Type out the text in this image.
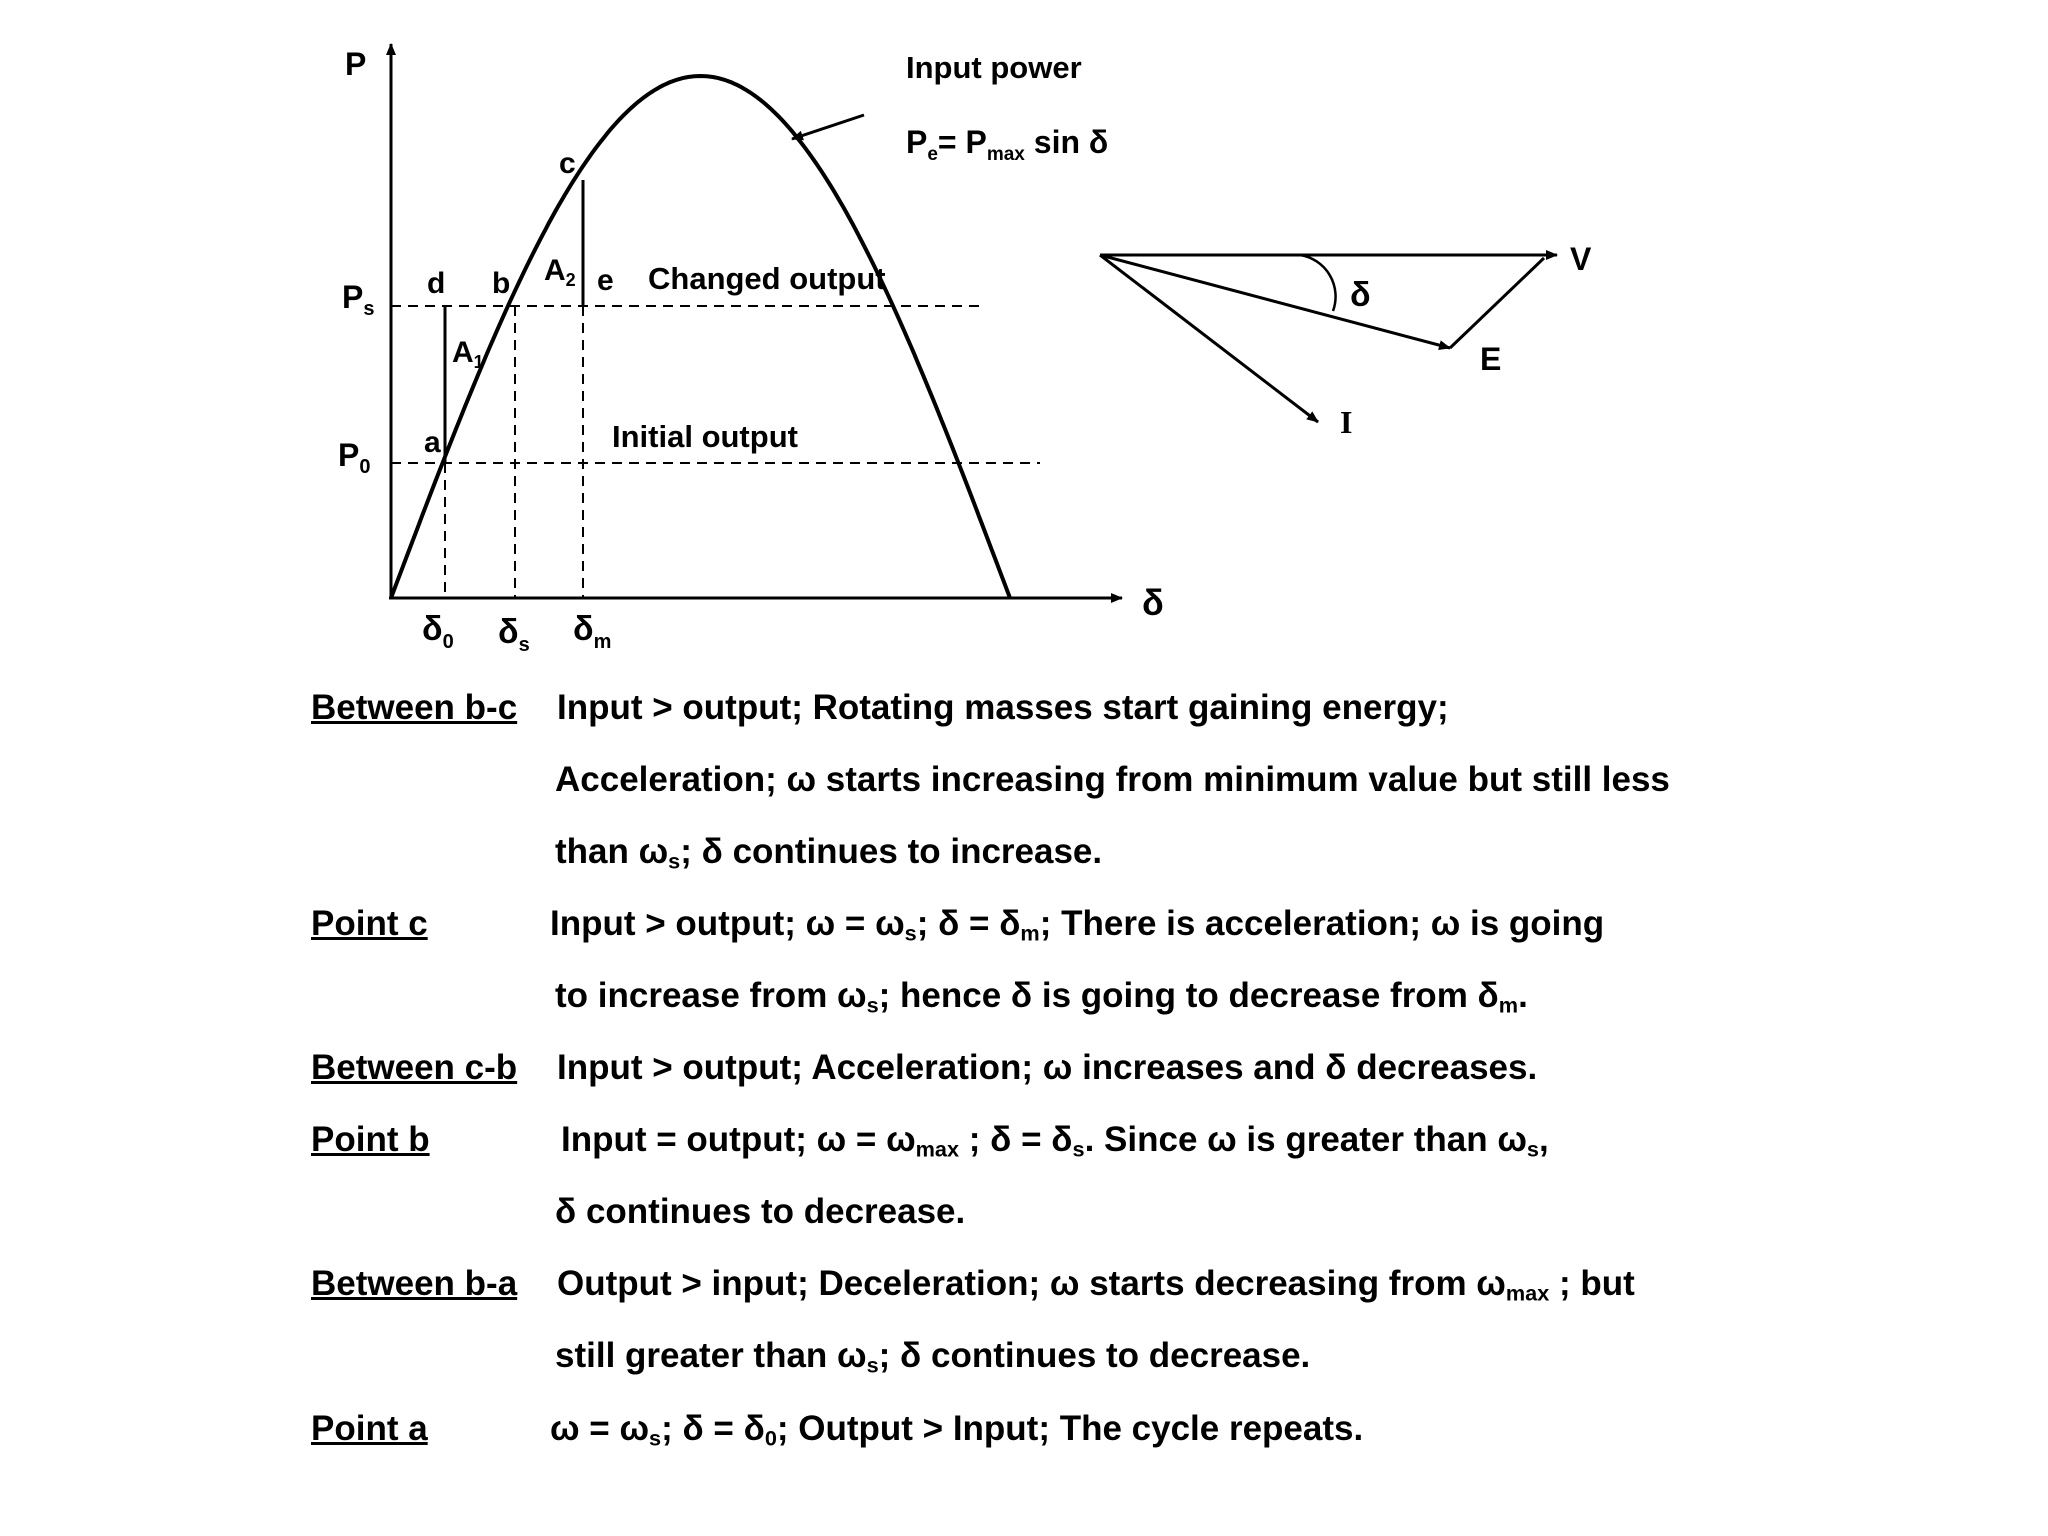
P
δ
$P_s$
$P_0$
$\delta_0$ $\delta_s$ $\delta_m$
c
d b	e
a
$A_1$
$A_2$ Changed output
Initial output
Input power
$P_e= P_{max}$ sin δ
V
E
I
δ
Between b-c Input > output; Rotating masses start gaining energy;
Acceleration; ω starts increasing from minimum value but still less
than $\omega_s$; δ continues to increase.
Point c	Input > output; $\omega = \omega_s$; $\delta = \delta_m$; There is acceleration; ω is going
to increase from $\omega_s$; hence δ is going to decrease from $\delta_m$.
Between c-b Input > output; Acceleration; ω increases and δ decreases.
Point b	Input = output; $\omega = \omega_{max}$ ; $\delta = \delta_s$. Since ω is greater than $\omega_s$,
δ continues to decrease.
Between b-a Output > input; Deceleration; ω starts decreasing from $\omega_{max}$ ; but
still greater than $\omega_s$; δ continues to decrease.
Point a	$\omega = \omega_s$; $\delta = \delta_0$; Output > Input; The cycle repeats.
